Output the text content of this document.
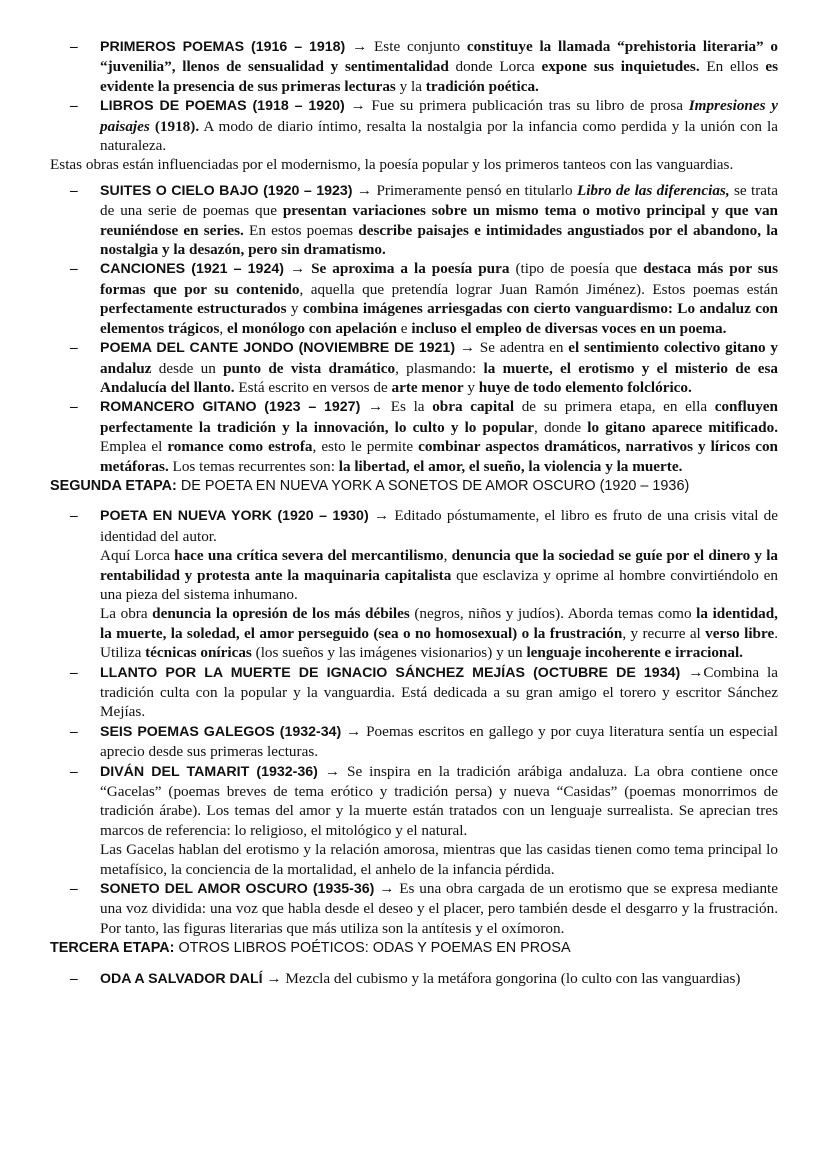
– PRIMEROS POEMAS (1916 – 1918) → Este conjunto constituye la llamada “prehistoria literaria” o “juvenilia”, llenos de sensualidad y sentimentalidad donde Lorca expone sus inquietudes. En ellos es evidente la presencia de sus primeras lecturas y la tradición poética.

– LIBROS DE POEMAS (1918 – 1920) → Fue su primera publicación tras su libro de prosa Impresiones y paisajes (1918). A modo de diario íntimo, resalta la nostalgia por la infancia como perdida y la unión con la naturaleza.

Estas obras están influenciadas por el modernismo, la poesía popular y los primeros tanteos con las vanguardias.

– SUITES O CIELO BAJO (1920 – 1923) → Primeramente pensó en titularlo Libro de las diferencias, se trata de una serie de poemas que presentan variaciones sobre un mismo tema o motivo principal y que van reuniéndose en series. En estos poemas describe paisajes e intimidades angustiados por el abandono, la nostalgia y la desazón, pero sin dramatismo.

– CANCIONES (1921 – 1924) → Se aproxima a la poesía pura (tipo de poesía que destaca más por sus formas que por su contenido, aquella que pretendía lograr Juan Ramón Jiménez). Estos poemas están perfectamente estructurados y combina imágenes arriesgadas con cierto vanguardismo: Lo andaluz con elementos trágicos, el monólogo con apelación e incluso el empleo de diversas voces en un poema.

– POEMA DEL CANTE JONDO (NOVIEMBRE DE 1921) → Se adentra en el sentimiento colectivo gitano y andaluz desde un punto de vista dramático, plasmando: la muerte, el erotismo y el misterio de esa Andalucía del llanto. Está escrito en versos de arte menor y huye de todo elemento folclórico.

– ROMANCERO GITANO (1923 – 1927) → Es la obra capital de su primera etapa, en ella confluyen perfectamente la tradición y la innovación, lo culto y lo popular, donde lo gitano aparece mitificado. Emplea el romance como estrofa, esto le permite combinar aspectos dramáticos, narrativos y líricos con metáforas. Los temas recurrentes son: la libertad, el amor, el sueño, la violencia y la muerte.

SEGUNDA ETAPA: DE POETA EN NUEVA YORK A SONETOS DE AMOR OSCURO (1920 – 1936)

– POETA EN NUEVA YORK (1920 – 1930) → Editado póstumamente, el libro es fruto de una crisis vital de identidad del autor.

Aquí Lorca hace una crítica severa del mercantilismo, denuncia que la sociedad se guíe por el dinero y la rentabilidad y protesta ante la maquinaria capitalista que esclaviza y oprime al hombre convirtiéndolo en una pieza del sistema inhumano.

La obra denuncia la opresión de los más débiles (negros, niños y judíos). Aborda temas como la identidad, la muerte, la soledad, el amor perseguido (sea o no homosexual) o la frustración, y recurre al verso libre. Utiliza técnicas oníricas (los sueños y las imágenes visionarios) y un lenguaje incoherente e irracional.

– LLANTO POR LA MUERTE DE IGNACIO SÁNCHEZ MEJÍAS (OCTUBRE DE 1934) →Combina la tradición culta con la popular y la vanguardia. Está dedicada a su gran amigo el torero y escritor Sánchez Mejías.

– SEIS POEMAS GALEGOS (1932-34) → Poemas escritos en gallego y por cuya literatura sentía un especial aprecio desde sus primeras lecturas.

– DIVÁN DEL TAMARIT (1932-36) → Se inspira en la tradición arábiga andaluza. La obra contiene once “Gacelas” (poemas breves de tema erótico y tradición persa) y nueva “Casidas” (poemas monorrimos de tradición árabe). Los temas del amor y la muerte están tratados con un lenguaje surrealista. Se aprecian tres marcos de referencia: lo religioso, el mitológico y el natural.

Las Gacelas hablan del erotismo y la relación amorosa, mientras que las casidas tienen como tema principal lo metafísico, la conciencia de la mortalidad, el anhelo de la infancia pérdida.

– SONETO DEL AMOR OSCURO (1935-36) → Es una obra cargada de un erotismo que se expresa mediante una voz dividida: una voz que habla desde el deseo y el placer, pero también desde el desgarro y la frustración. Por tanto, las figuras literarias que más utiliza son la antítesis y el oxímoron.

TERCERA ETAPA: OTROS LIBROS POÉTICOS: ODAS Y POEMAS EN PROSA

– ODA A SALVADOR DALÍ → Mezcla del cubismo y la metáfora gongorina (lo culto con las vanguardias)
